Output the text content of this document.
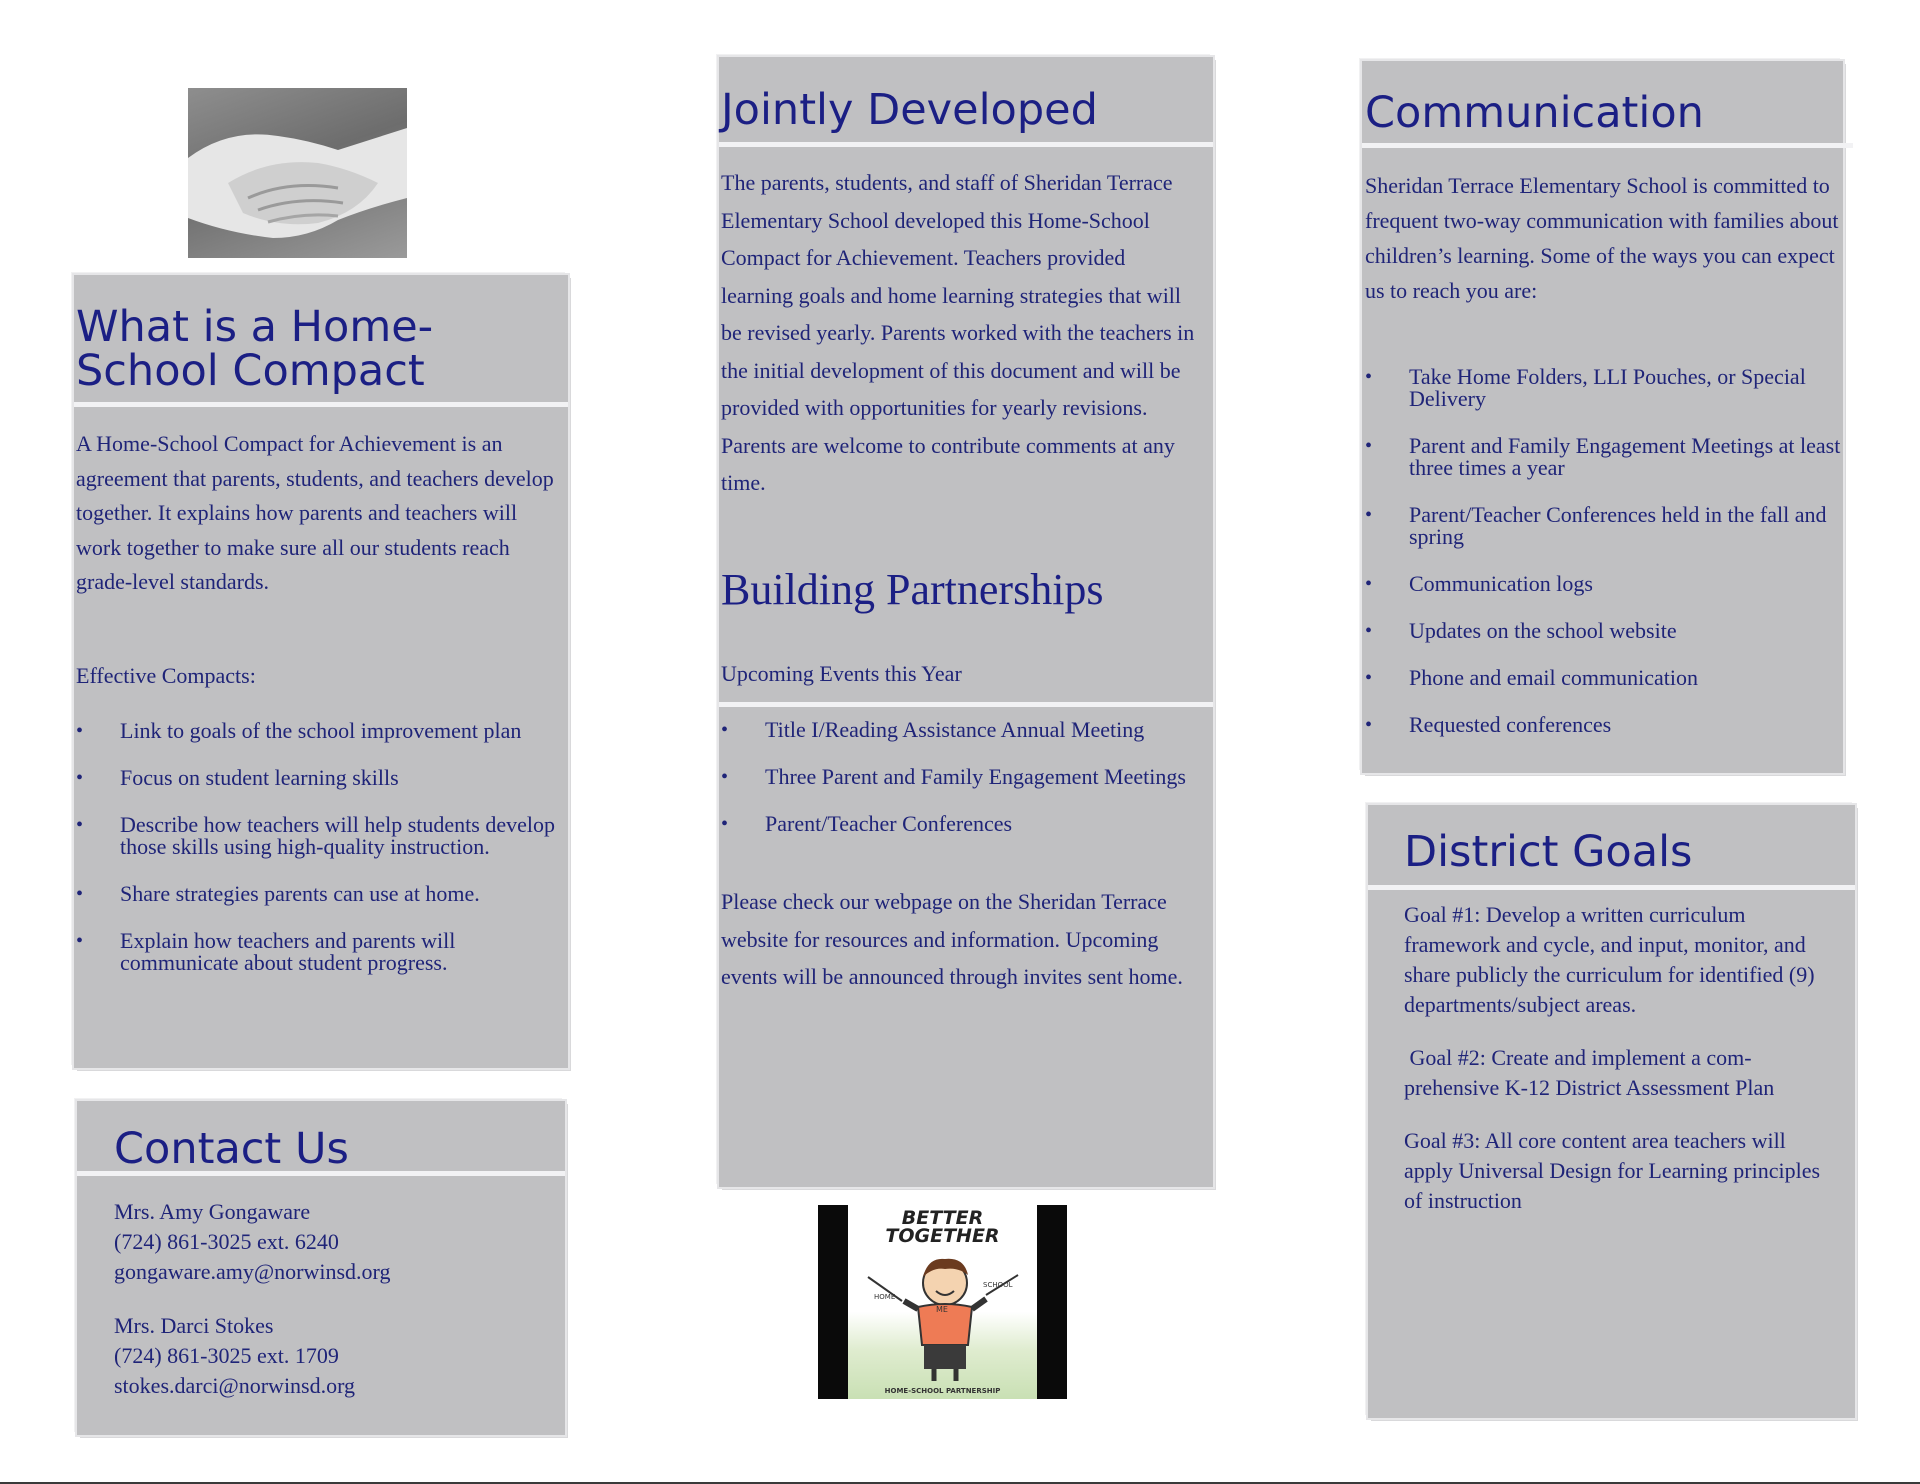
What is a Home-School Compact
A Home-School Compact for Achievement is an agreement that parents, students, and teachers develop together. It explains how parents and teachers will work together to make sure all our students reach grade-level standards.
Effective Compacts:
• Link to goals of the school improvement plan
• Focus on student learning skills
• Describe how teachers will help students develop those skills using high-quality instruction.
• Share strategies parents can use at home.
• Explain how teachers and parents will communicate about student progress.
Contact Us
Mrs. Amy Gongaware
(724) 861-3025 ext. 6240
gongaware.amy@norwinsd.org
Mrs. Darci Stokes
(724) 861-3025 ext. 1709
stokes.darci@norwinsd.org
Jointly Developed
The parents, students, and staff of Sheridan Terrace Elementary School developed this Home-School Compact for Achievement. Teachers provided learning goals and home learning strategies that will be revised yearly. Parents worked with the teachers in the initial development of this document and will be provided with opportunities for yearly revisions. Parents are welcome to contribute comments at any time.
Building Partnerships
Upcoming Events this Year
• Title I/Reading Assistance Annual Meeting
• Three Parent and Family Engagement Meetings
• Parent/Teacher Conferences
Please check our webpage on the Sheridan Terrace website for resources and information. Upcoming events will be announced through invites sent home.
BETTER
TOGETHER
HOME
SCHOOL
ME
HOME-SCHOOL PARTNERSHIP
Communication
Sheridan Terrace Elementary School is committed to frequent two-way communication with families about children’s learning. Some of the ways you can expect us to reach you are:
• Take Home Folders, LLI Pouches, or Special Delivery
• Parent and Family Engagement Meetings at least three times a year
• Parent/Teacher Conferences held in the fall and spring
• Communication logs
• Updates on the school website
• Phone and email communication
• Requested conferences
District Goals
Goal #1: Develop a written curriculum framework and cycle, and input, monitor, and share publicly the curriculum for identified (9) departments/subject areas.
Goal #2: Create and implement a com-prehensive K-12 District Assessment Plan
Goal #3: All core content area teachers will apply Universal Design for Learning principles of instruction
